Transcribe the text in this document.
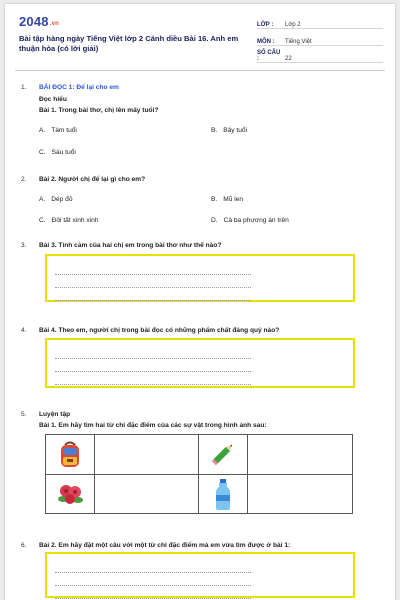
2048.vn
Bài tập hàng ngày Tiếng Việt lớp 2 Cánh diều Bài 16. Anh em thuận hòa (có lời giải)
LỚP :	Lớp 2
MÔN :	Tiếng Việt
SỐ CÂU :	22
1. BÀI ĐỌC 1: Để lại cho em
Đọc hiểu
Bài 1. Trong bài thơ, chị lên mấy tuổi?
A. Tám tuổi	B. Bảy tuổi
C. Sáu tuổi
2. Bài 2. Người chị để lại gì cho em?
A. Dép đỏ	B. Mũ len
C. Đôi tất xinh xinh	D. Cả ba phương án trên
3. Bài 3. Tình cảm của hai chị em trong bài thơ như thế nào?
4. Bài 4. Theo em, người chị trong bài đọc có những phẩm chất đáng quý nào?
5. Luyện tập
Bài 1. Em hãy tìm hai từ chỉ đặc điểm của các sự vật trong hình ảnh sau:

6. Bài 2. Em hãy đặt một câu với một từ chỉ đặc điểm mà em vừa tìm được ở bài 1:
